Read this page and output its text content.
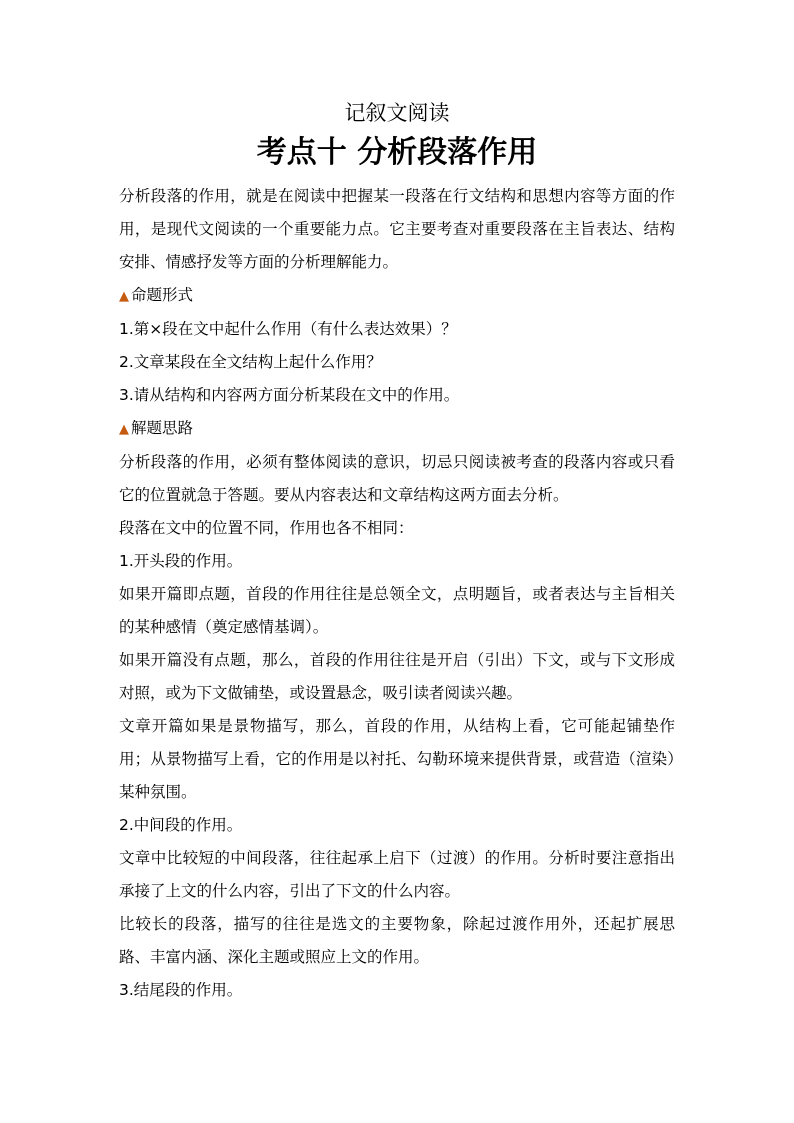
记叙文阅读
考点十 分析段落作用

分析段落的作用，就是在阅读中把握某一段落在行文结构和思想内容等方面的作用，是现代文阅读的一个重要能力点。它主要考查对重要段落在主旨表达、结构安排、情感抒发等方面的分析理解能力。

▲ 命题形式

1.第×段在文中起什么作用（有什么表达效果）？

2.文章某段在全文结构上起什么作用？

3.请从结构和内容两方面分析某段在文中的作用。

▲ 解题思路

分析段落的作用，必须有整体阅读的意识，切忌只阅读被考查的段落内容或只看它的位置就急于答题。要从内容表达和文章结构这两方面去分析。

段落在文中的位置不同，作用也各不相同：

1.开头段的作用。

如果开篇即点题，首段的作用往往是总领全文，点明题旨，或者表达与主旨相关的某种感情（奠定感情基调）。

如果开篇没有点题，那么，首段的作用往往是开启（引出）下文，或与下文形成对照，或为下文做铺垫，或设置悬念，吸引读者阅读兴趣。

文章开篇如果是景物描写，那么，首段的作用，从结构上看，它可能起铺垫作用；从景物描写上看，它的作用是以衬托、勾勒环境来提供背景，或营造（渲染）某种氛围。

2.中间段的作用。

文章中比较短的中间段落，往往起承上启下（过渡）的作用。分析时要注意指出承接了上文的什么内容，引出了下文的什么内容。

比较长的段落，描写的往往是选文的主要物象，除起过渡作用外，还起扩展思路、丰富内涵、深化主题或照应上文的作用。

3.结尾段的作用。
